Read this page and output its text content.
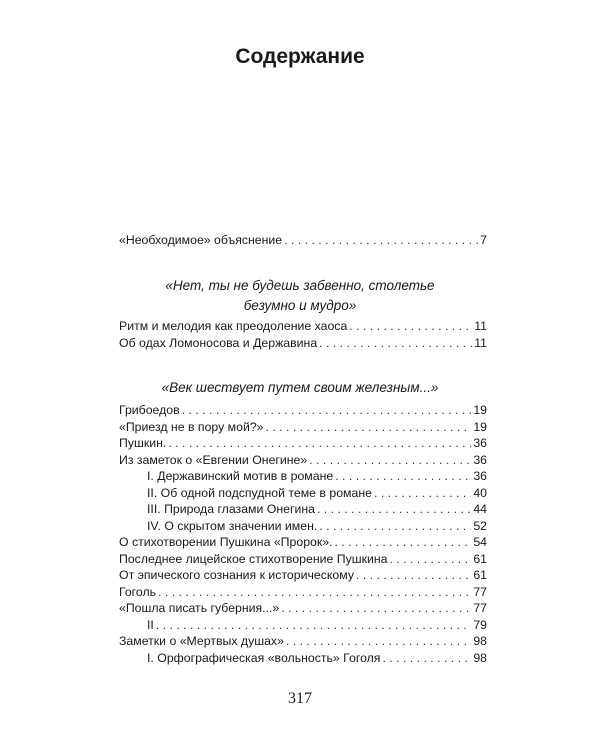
Содержание
«Необходимое» объяснение . . .	7
«Нет, ты не будешь забвенно, столетье
безумно и мудро»
Ритм и мелодия как преодоление хаоса . . .	11
Об одах Ломоносова и Державина . . .	11
«Век шествует путем своим железным...»
Грибоедов . . .	19
«Приезд не в пору мой?» . . .	19
Пушкин. . . .	36
Из заметок о «Евгении Онегине» . . .	36
I. Державинский мотив в романе . . .	36
II. Об одной подспудной теме в романе . . .	40
III. Природа глазами Онегина . . .	44
IV. О скрытом значении имен. . . .	52
О стихотворении Пушкина «Пророк». . . .	54
Последнее лицейское стихотворение Пушкина . . .	61
От эпического сознания к историческому . . .	61
Гоголь . . .	77
«Пошла писать губерния...» . . .	77
II . . .	79
Заметки о «Мертвых душах» . . .	98
I. Орфографическая «вольность» Гоголя . . .	98
317
